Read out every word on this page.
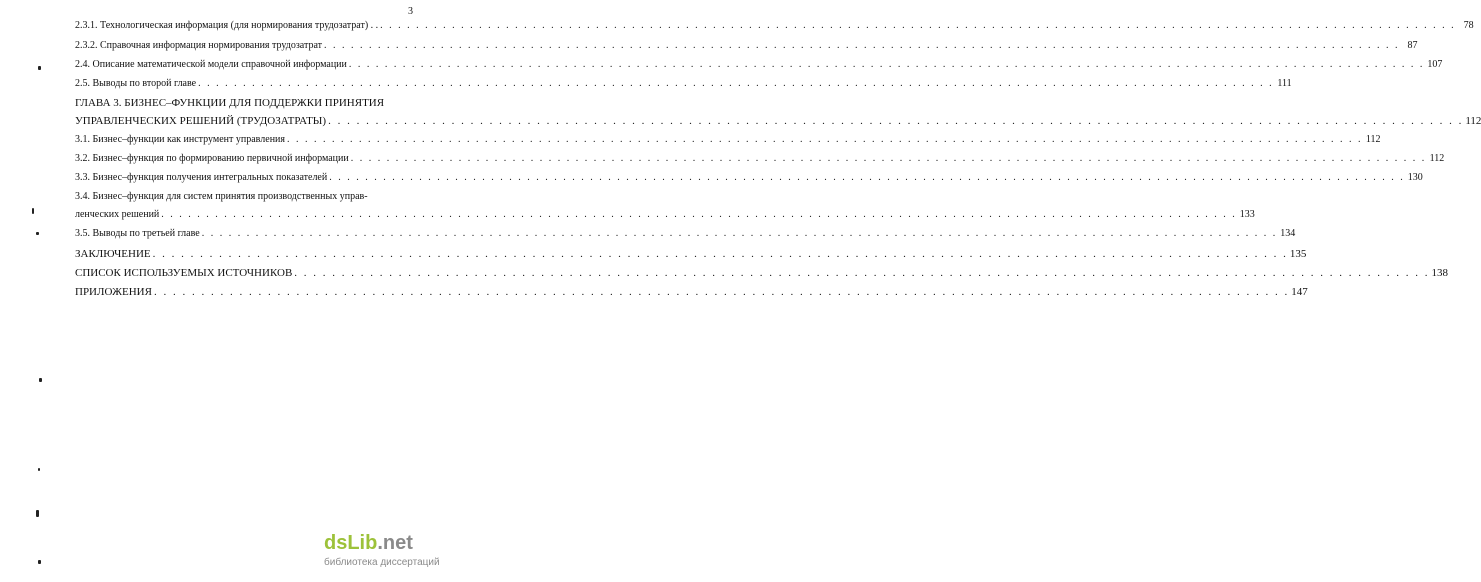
3
2.3.1. Технологическая информация (для нормирования трудозатрат) . . . . . . . . . . . . . . . . . . . . . . . . . . . . . . . . . . . . . . . . . . . . . . . . . . . . . . . . . . . . . . . . . . . . . . . . . . . . . . . . . . . . . . . . . . . . . . . . . . . . . . . . . . . . . . . . . . . . . . . . . . 78
2.3.2. Справочная информация нормирования трудозатрат . . . . . . . . . . . . . . . . . . . . . . . . . . . . . . . . . . . . . . . . . . . . . . . . . . . . . . . . . . . . . . . . . . . . . . . . . . . . . . . . . . . . . . . . . . . . . . . . . . . . . . . . . . . . . . . . . . . . . . . . 87
2.4. Описание математической модели справочной информации . . . . . . . . . . . . . . . . . . . . . . . . . . . . . . . . . . . . . . . . . . . . . . . . . . . . . . . . . . . . . . . . . . . . . . . . . . . . . . . . . . . . . . . . . . . . . . . . . . . . . . . . . . . . . . . . . . . . . . . . 107
2.5. Выводы по второй главе . . . . . . . . . . . . . . . . . . . . . . . . . . . . . . . . . . . . . . . . . . . . . . . . . . . . . . . . . . . . . . . . . . . . . . . . . . . . . . . . . . . . . . . . . . . . . . . . . . . . . . . . . . . . . . . . . . . . . . . . 111
ГЛАВА 3. БИЗНЕС–ФУНКЦИИ ДЛЯ ПОДДЕРЖКИ ПРИНЯТИЯ
УПРАВЛЕНЧЕСКИХ РЕШЕНИЙ (ТРУДОЗАТРАТЫ) . . . . . . . . . . . . . . . . . . . . . . . . . . . . . . . . . . . . . . . . . . . . . . . . . . . . . . . . . . . . . . . . . . . . . . . . . . . . . . . . . . . . . . . . . . . . . . . . . . . . . . . . . . . . . . . . . . . . . . . . 112
3.1. Бизнес–функции как инструмент управления . . . . . . . . . . . . . . . . . . . . . . . . . . . . . . . . . . . . . . . . . . . . . . . . . . . . . . . . . . . . . . . . . . . . . . . . . . . . . . . . . . . . . . . . . . . . . . . . . . . . . . . . . . . . . . . . . . . . . . . . 112
3.2. Бизнес–функция по формированию первичной информации . . . . . . . . . . . . . . . . . . . . . . . . . . . . . . . . . . . . . . . . . . . . . . . . . . . . . . . . . . . . . . . . . . . . . . . . . . . . . . . . . . . . . . . . . . . . . . . . . . . . . . . . . . . . . . . . . . . . . . . . 112
3.3. Бизнес–функция получения интегральных показателей . . . . . . . . . . . . . . . . . . . . . . . . . . . . . . . . . . . . . . . . . . . . . . . . . . . . . . . . . . . . . . . . . . . . . . . . . . . . . . . . . . . . . . . . . . . . . . . . . . . . . . . . . . . . . . . . . . . . . . . . 130
3.4. Бизнес–функция для систем принятия производственных управ-
ленческих решений . . . . . . . . . . . . . . . . . . . . . . . . . . . . . . . . . . . . . . . . . . . . . . . . . . . . . . . . . . . . . . . . . . . . . . . . . . . . . . . . . . . . . . . . . . . . . . . . . . . . . . . . . . . . . . . . . . . . . . . . 133
3.5. Выводы по третьей главе . . . . . . . . . . . . . . . . . . . . . . . . . . . . . . . . . . . . . . . . . . . . . . . . . . . . . . . . . . . . . . . . . . . . . . . . . . . . . . . . . . . . . . . . . . . . . . . . . . . . . . . . . . . . . . . . . . . . . . . . 134
ЗАКЛЮЧЕНИЕ . . . . . . . . . . . . . . . . . . . . . . . . . . . . . . . . . . . . . . . . . . . . . . . . . . . . . . . . . . . . . . . . . . . . . . . . . . . . . . . . . . . . . . . . . . . . . . . . . . . . . . . . . . . . . . . . . . . . . . . . 135
СПИСОК ИСПОЛЬЗУЕМЫХ ИСТОЧНИКОВ . . . . . . . . . . . . . . . . . . . . . . . . . . . . . . . . . . . . . . . . . . . . . . . . . . . . . . . . . . . . . . . . . . . . . . . . . . . . . . . . . . . . . . . . . . . . . . . . . . . . . . . . . . . . . . . . . . . . . . . . 138
ПРИЛОЖЕНИЯ . . . . . . . . . . . . . . . . . . . . . . . . . . . . . . . . . . . . . . . . . . . . . . . . . . . . . . . . . . . . . . . . . . . . . . . . . . . . . . . . . . . . . . . . . . . . . . . . . . . . . . . . . . . . . . . . . . . . . . . . 147
dsLib .net
библиотека диссертаций
